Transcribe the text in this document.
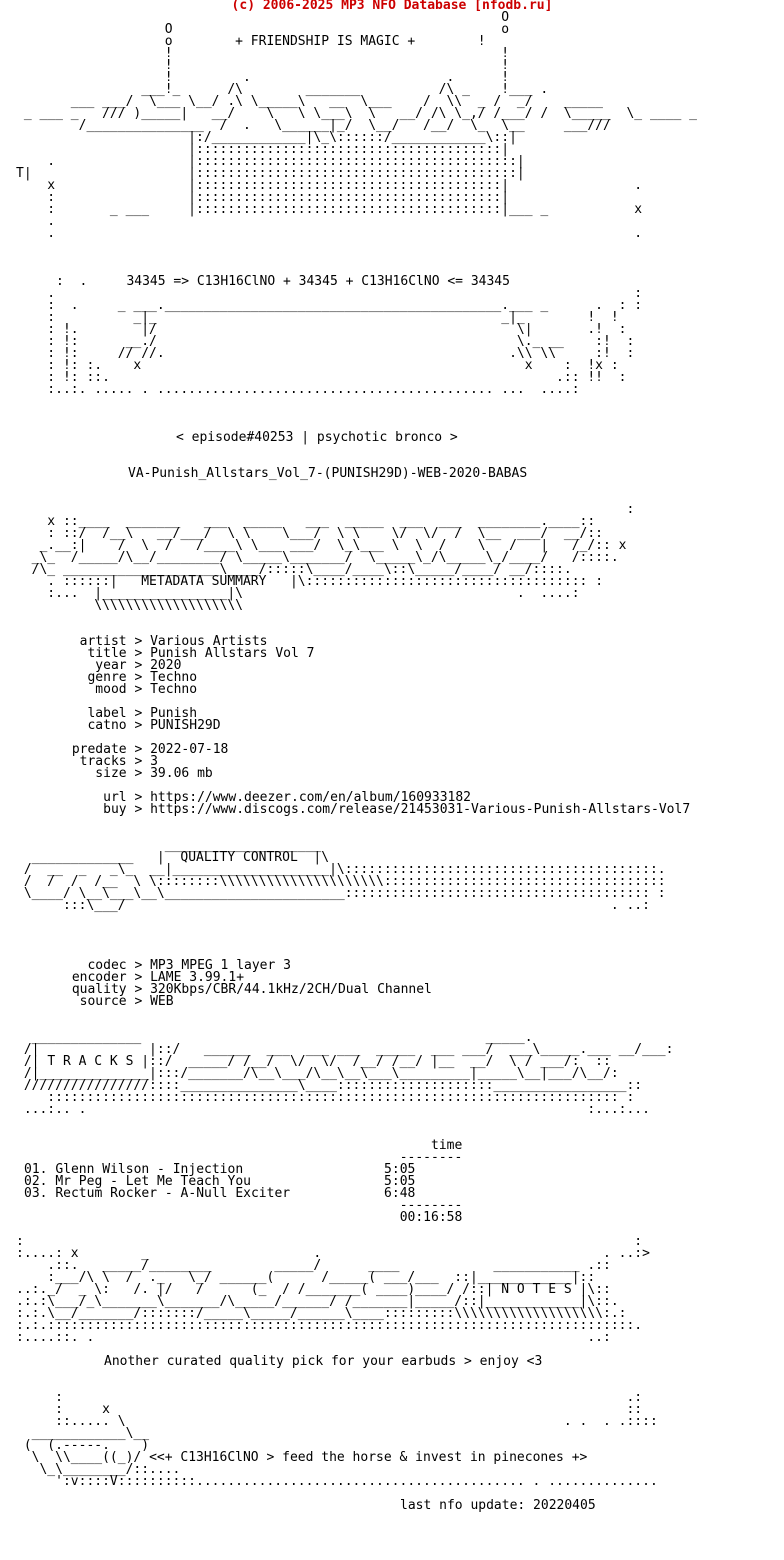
(c) 2006-2025 MP3 NFO Database [nfodb.ru]
O
O                                          o
o	+ FRIENDSHIP IS MAGIC +	!
!                                          !
!                                          !
!         .                         .      !
___!_      /\        _______          /\ _    !___ .
___ ___/  \___ \__/ .\ \_____\   __  \___    /  \\  _ /  _/    _____
_ ___ _   /// )_____|   __/    \   \ \___\  \   __/ /\ \_,/ /___/ /  \_____  \_ ____ _
/_______________  /  .   \______|_/  \__/   /__/  \_  \__     ___///
|:/____________|\_\::::::/____________\::|
|:::::::::::::::::::::::::::::::::::::::|
.                 |:::::::::::::::::::::::::::::::::::::::::|
T|                    |:::::::::::::::::::::::::::::::::::::::::|
x                 |:::::::::::::::::::::::::::::::::::::::|                .
:                 |:::::::::::::::::::::::::::::::::::::::|
:       _ ___     |:::::::::::::::::::::::::::::::::::::::|___ _           x
.
.                                                                          .
:  .     34345 => C13H16ClNO + 34345 + C13H16ClNO <= 34345
.                                                                          :
:  .     _ ___.___________________________________________.___ _      .  : :
:          _|_                                            _|_        !  !
: !.        |/                                              \|       .!  :
: !:      __./                                              \._ __    :!  :
: !:     // //.                                            .\\ \\     :!  :
: !: :.    x                                                 x    :  !x :
: !: ::.                                                         .:: !!  :
:..:. ..... . ........................................... ...  ....:
< episode#40253 | psychotic bronco >
VA-Punish_Allstars_Vol_7-(PUNISH29D)-WEB-2020-BABAS
:
x ::____  _______   ___  _____   ___  _____  ___  ___  ________.____::
: ::/  /__\   __/___/  \ \    \___/  \ \    \/  \/  /  \__  ___/  __/::
_.__:|    /  \  /   /____\ \___ ___/  \_\___ \  \  /    \   /   |   /_/:: x
_\_  /_____/\__/________/ \_____\_______/  \_____\_/\_____\_/____/   /::::.
/\_ ____________________\____/:::::\____/____\::\_____/____/ __/::::.
. ::::::|   METADATA SUMMARY   |\:::::::::::::::::::::::::::::::::::: :
:...  |________________|\                                   .  ....:
\\\\\\\\\\\\\\\\\\\
artist > Various Artists
title > Punish Allstars Vol 7
year > 2020
genre > Techno
mood > Techno
label > Punish
catno > PUNISH29D
predate > 2022-07-18
tracks > 3
size > 39.06 mb
url > https://www.deezer.com/en/album/160933182
buy > https://www.discogs.com/release/21453031-Various-Punish-Allstars-Vol7
____________________
_____________   |  QUALITY CONTROL  |\
/  __  _   _\_  __|____________________|\::::::::::::::::::::::::::::::::::::::::.
/  /  /  /__  \ \::::::::\\\\\\\\\\\\\\\\\\\\\::::::::::::::::::::::::::::::::::::
\____/ \__\___\__\_______________________::::::::::::::::::::::::::::::::::::::: :
:::\___/                                                              . ..:
codec > MP3 MPEG 1 layer 3
encoder > LAME 3.99.1+
quality > 320Kbps/CBR/44.1kHz/2CH/Dual Channel
source > WEB
______________                                            _____.
/|              |::/   ______  ___  ___ ___  _____  ___ ___/  ___\_____.___ __/___:
/| T R A C K S |::/  _____/ /__/  \/  \/  /__/ /__/ |__  __/  \ / ___/:  ::
/|______________|:::/_______/\__\___/\__\__\___\_________|_____\__|___/\__/:
////////////////::::_______________\____::::::::::::::::::::_________________::
::::::::::::::::::::::::::::::::::::::::::::::::::::::::::::::::::::::::: :
...:.. .                                                                :...:...
time
--------
01. Glenn Wilson - Injection	5:05
02. Mr Peg - Let Me Teach You	5:05
03. Rectum Rocker - A-Null Exciter	6:48
--------
00:16:58
:                                                                              :
:....: x        _                     .                                    . ..:>
.::.   _____/________        _____/      ____            ___________ .::
:___/\ \  /  ._   \_/ ______(      /_____( ___/___  ::|____________|::
..:._/  _ \:   /. |/   /      (_  / /_______( ____)____/ /::| N O T E S |\::
.:.:\___/_\_______\_______/\_____/______/ /_______|_____/::|____________|\::.
:.:.\__/_______/:::::::/_____\_____/______\____:::::::::\\\\\\\\\\\\\\\\\\\:.:
:.:.:::::::::::::::::::::::::::::::::::::::::::::::::::::::::::::::::::::::::::.
:....::. .                                                               ..:
Another curated quality pick for your earbuds > enjoy <3
:                                                                        .:
:     x                                                                  ::
::..... \                                                        . .  . .::::
____________\__
(  (.-----.    )
\  \\____((_)/ <<+ C13H16ClNO > feed the horse & invest in pinecones +>
\_\________/::....
':v::::V::::::::::.......................................... . ..............
last nfo update: 20220405
